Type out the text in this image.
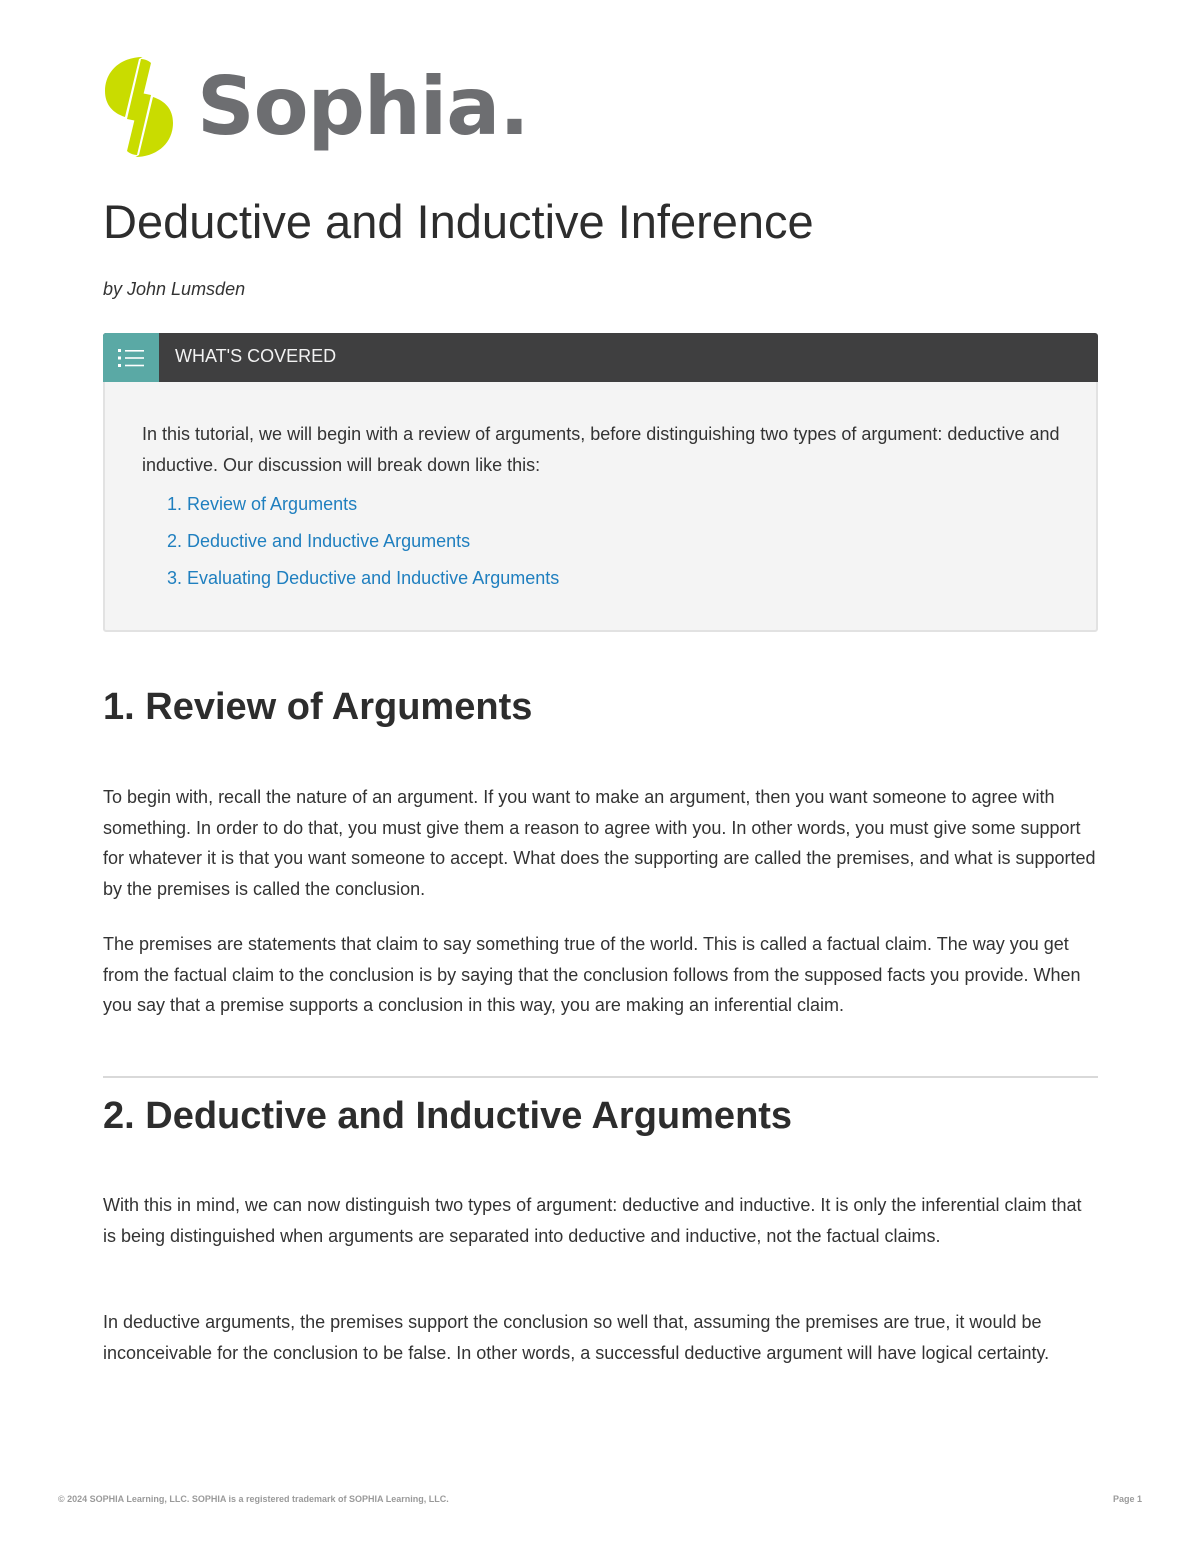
Sophia.
Deductive and Inductive Inference
by John Lumsden
WHAT'S COVERED

In this tutorial, we will begin with a review of arguments, before distinguishing two types of argument: deductive and inductive. Our discussion will break down like this:

1. Review of Arguments
2. Deductive and Inductive Arguments
3. Evaluating Deductive and Inductive Arguments
1. Review of Arguments

To begin with, recall the nature of an argument. If you want to make an argument, then you want someone to agree with something. In order to do that, you must give them a reason to agree with you. In other words, you must give some support for whatever it is that you want someone to accept. What does the supporting are called the premises, and what is supported by the premises is called the conclusion.

The premises are statements that claim to say something true of the world. This is called a factual claim. The way you get from the factual claim to the conclusion is by saying that the conclusion follows from the supposed facts you provide. When you say that a premise supports a conclusion in this way, you are making an inferential claim.

2. Deductive and Inductive Arguments

With this in mind, we can now distinguish two types of argument: deductive and inductive. It is only the inferential claim that is being distinguished when arguments are separated into deductive and inductive, not the factual claims.

In deductive arguments, the premises support the conclusion so well that, assuming the premises are true, it would be inconceivable for the conclusion to be false. In other words, a successful deductive argument will have logical certainty.

© 2024 SOPHIA Learning, LLC. SOPHIA is a registered trademark of SOPHIA Learning, LLC.	Page 1
